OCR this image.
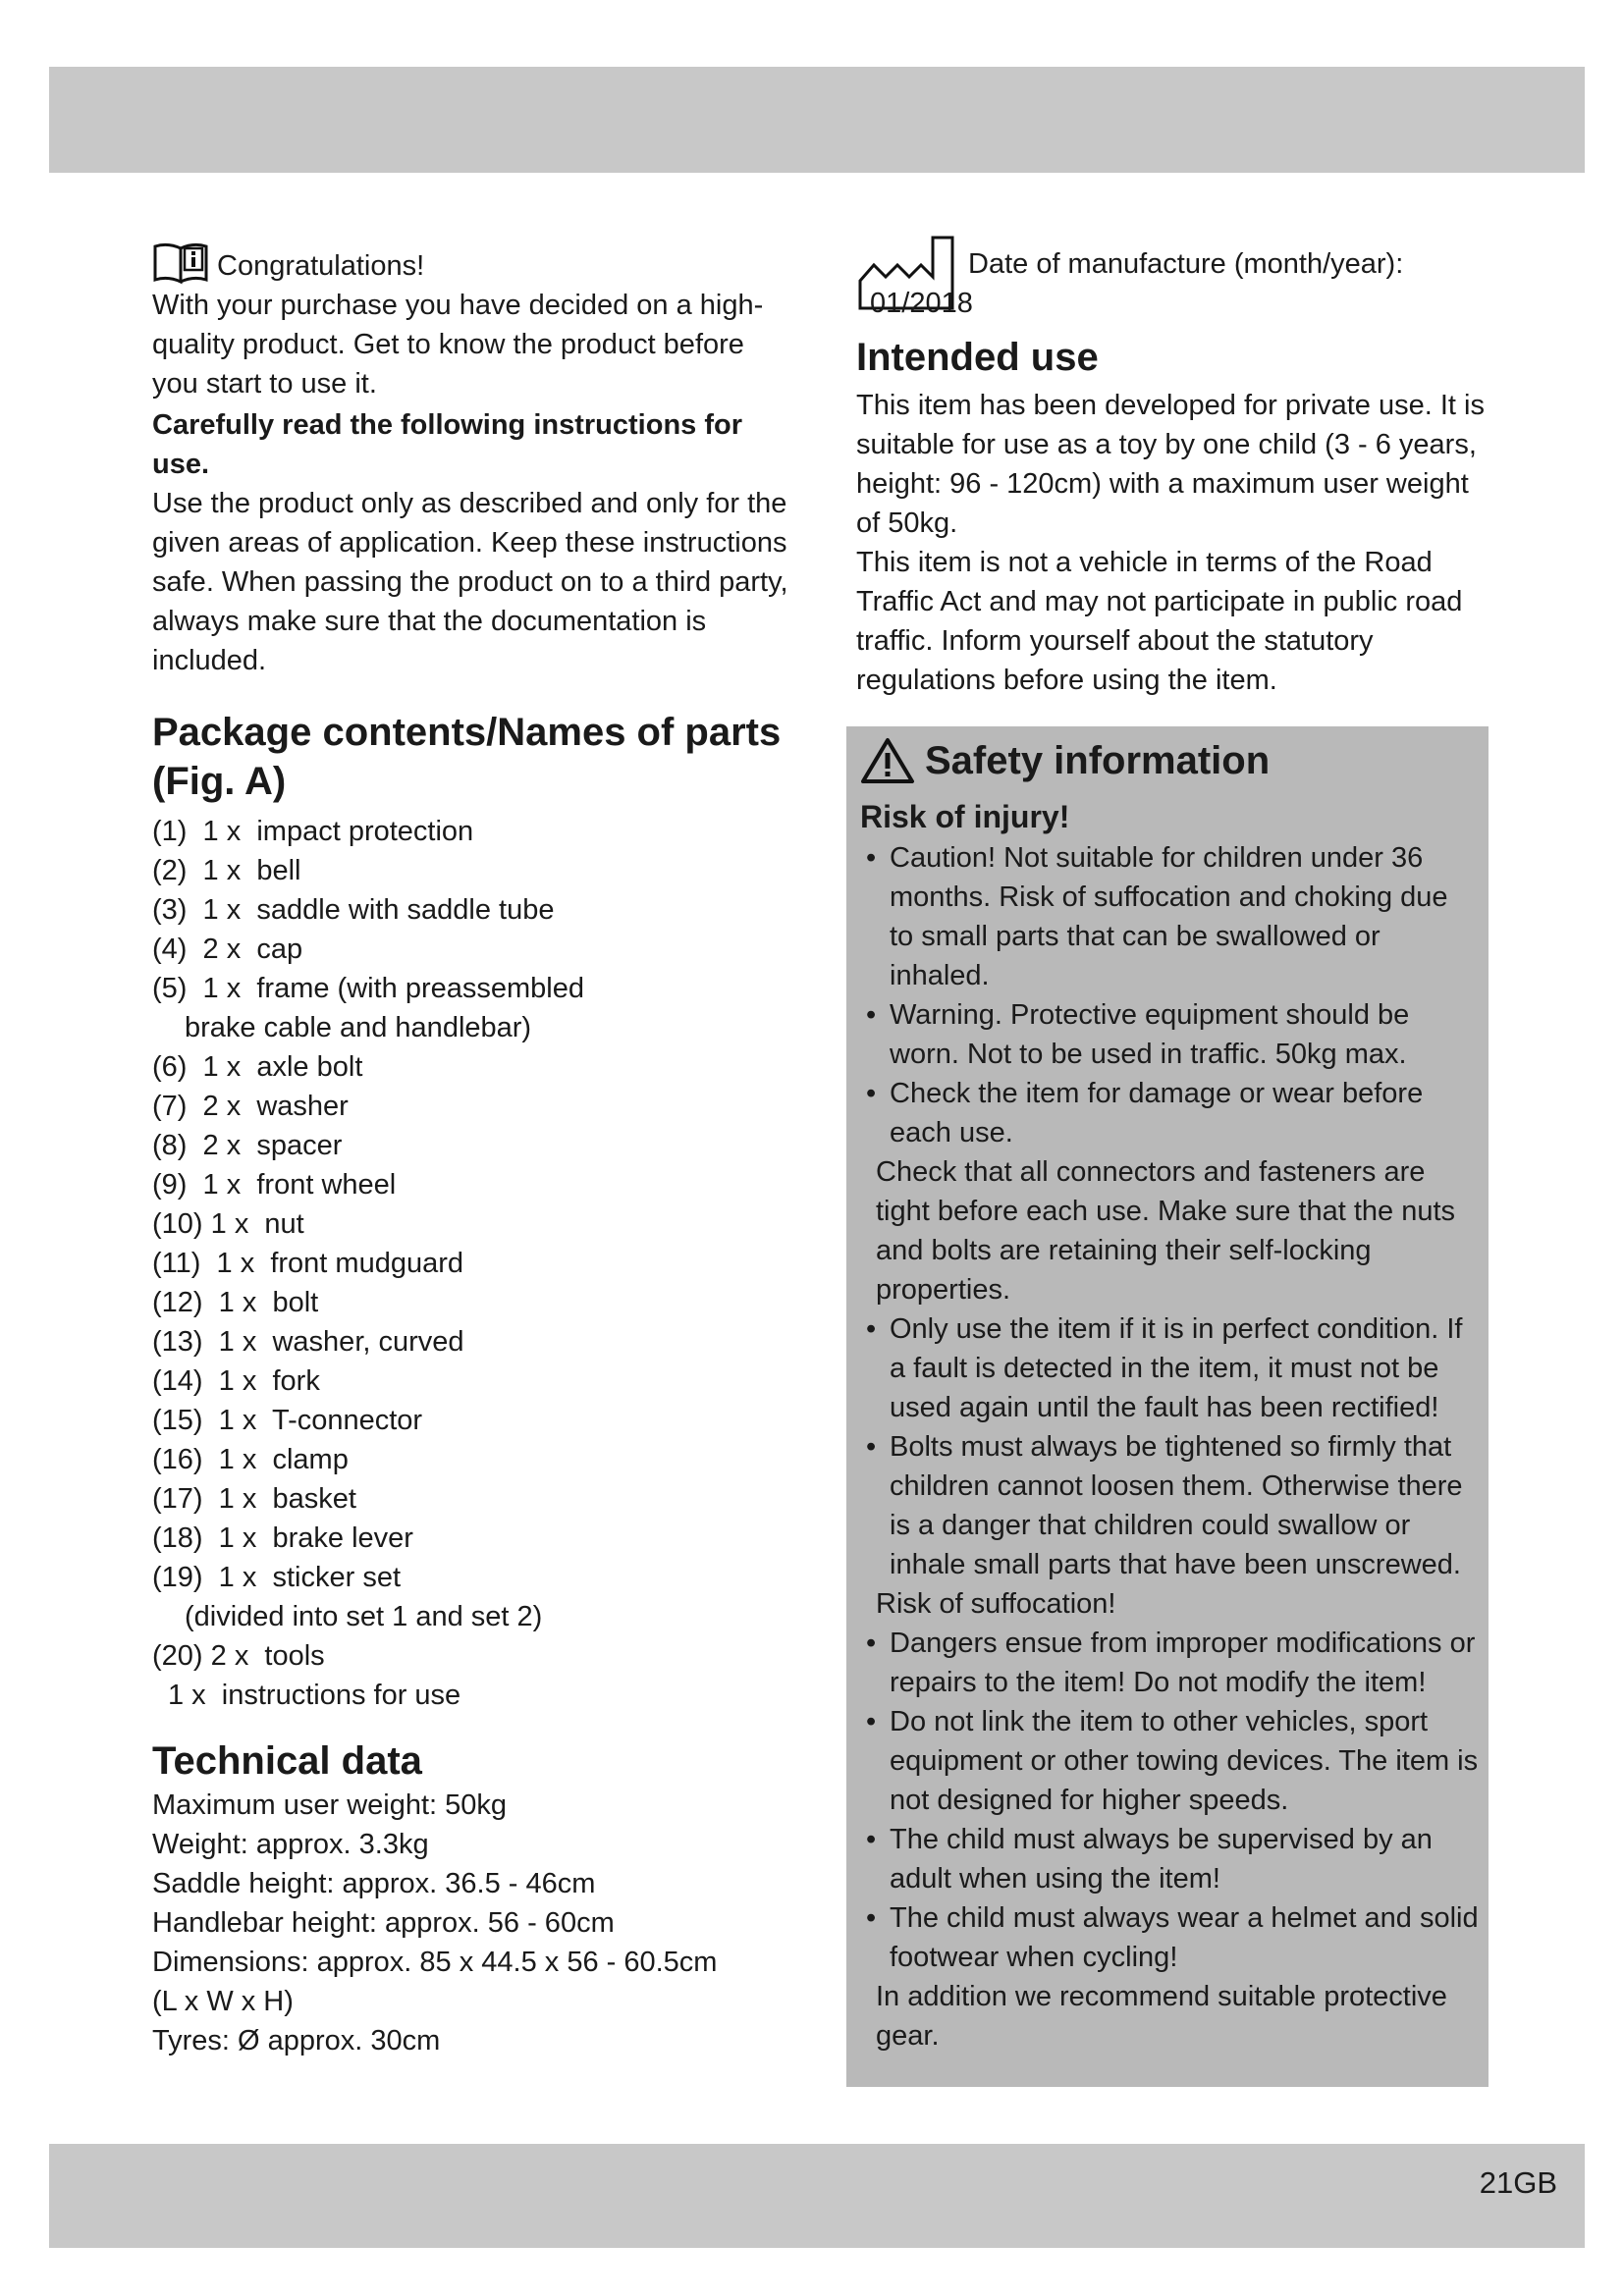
Congratulations!

With your purchase you have decided on a high-quality product. Get to know the product before you start to use it.

Carefully read the following instructions for use.

Use the product only as described and only for the given areas of application. Keep these instructions safe. When passing the product on to a third party, always make sure that the documentation is included.

Package contents/Names of parts (Fig. A)
(1)  1 x  impact protection
(2)  1 x  bell
(3)  1 x  saddle with saddle tube
(4)  2 x  cap
(5)  1 x  frame (with preassembled
brake cable and handlebar)
(6)  1 x  axle bolt
(7)  2 x  washer
(8)  2 x  spacer
(9)  1 x  front wheel
(10) 1 x  nut
(11)  1 x  front mudguard
(12)  1 x  bolt
(13)  1 x  washer, curved
(14)  1 x  fork
(15)  1 x  T-connector
(16)  1 x  clamp
(17)  1 x  basket
(18)  1 x  brake lever
(19)  1 x  sticker set
(divided into set 1 and set 2)
(20) 2 x  tools
1 x  instructions for use
Technical data
Maximum user weight: 50kg
Weight: approx. 3.3kg
Saddle height: approx. 36.5 - 46cm
Handlebar height: approx. 56 - 60cm
Dimensions: approx. 85 x 44.5 x 56 - 60.5cm
(L x W x H)
Tyres: Ø approx. 30cm
Date of manufacture (month/year):
01/2018
Intended use

This item has been developed for private use. It is suitable for use as a toy by one child (3 - 6 years, height: 96 - 120cm) with a maximum user weight of 50kg.

This item is not a vehicle in terms of the Road Traffic Act and may not participate in public road traffic. Inform yourself about the statutory regulations before using the item.

Safety information
Risk of injury!
• Caution! Not suitable for children under 36 months. Risk of suffocation and choking due to small parts that can be swallowed or inhaled.
• Warning. Protective equipment should be worn. Not to be used in traffic. 50kg max.
• Check the item for damage or wear before each use.
Check that all connectors and fasteners are tight before each use. Make sure that the nuts and bolts are retaining their self-locking properties.
• Only use the item if it is in perfect condition. If a fault is detected in the item, it must not be used again until the fault has been rectified!
• Bolts must always be tightened so firmly that children cannot loosen them. Otherwise there is a danger that children could swallow or inhale small parts that have been unscrewed.
Risk of suffocation!
• Dangers ensue from improper modifications or repairs to the item! Do not modify the item!
• Do not link the item to other vehicles, sport equipment or other towing devices. The item is not designed for higher speeds.
• The child must always be supervised by an adult when using the item!
• The child must always wear a helmet and solid footwear when cycling!
In addition we recommend suitable protective gear.
21GB
